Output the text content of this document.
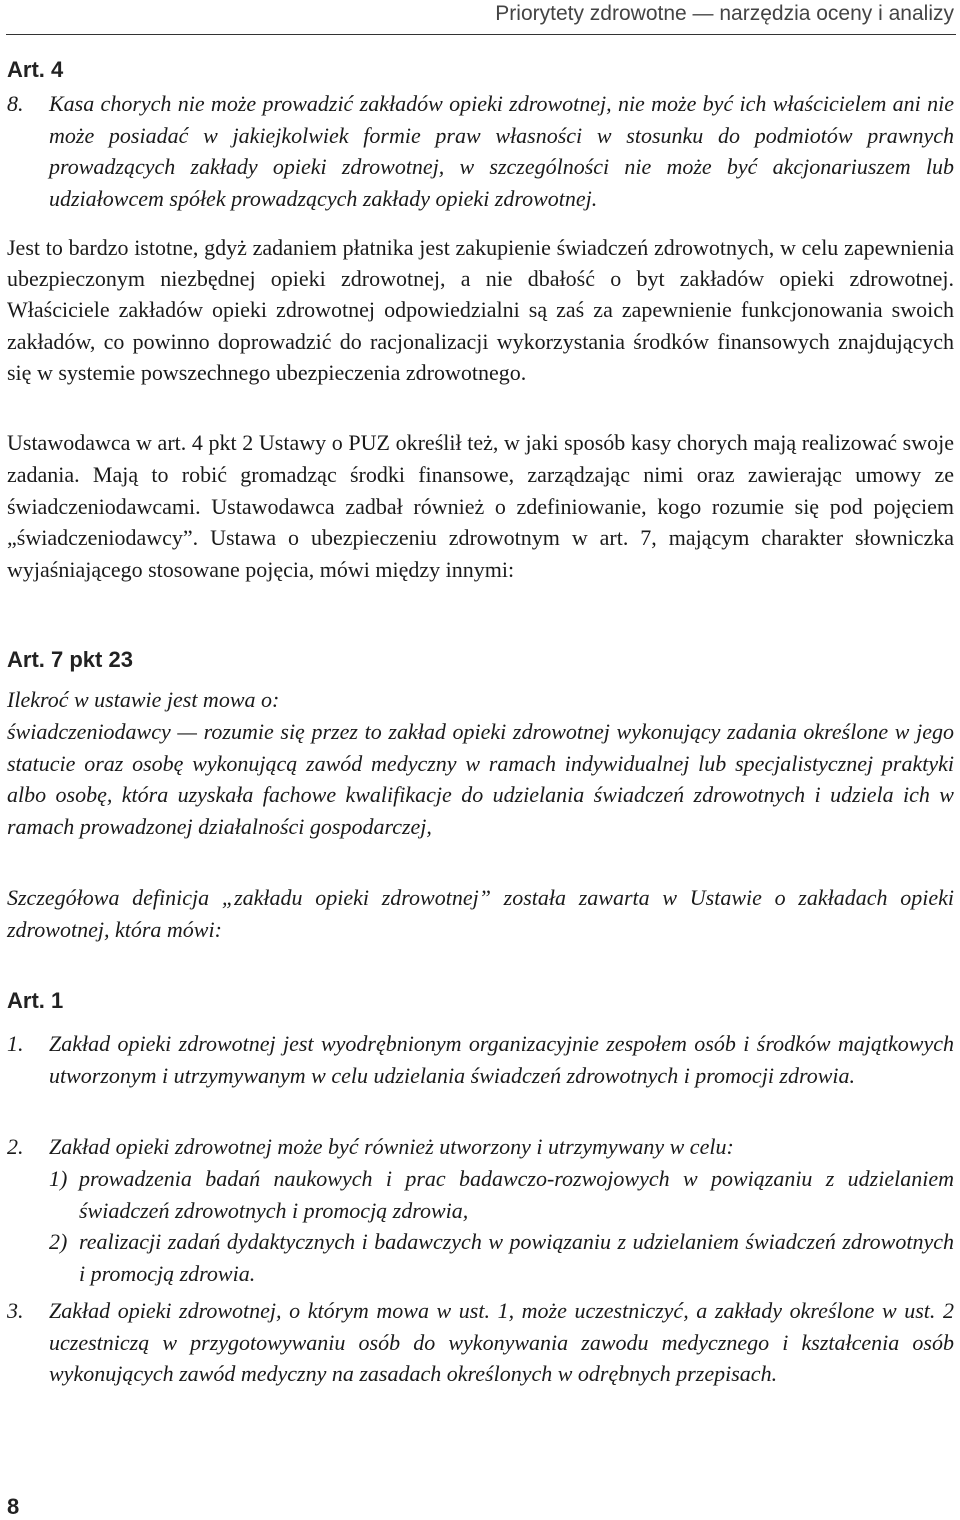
Priorytety zdrowotne — narzędzia oceny i analizy
Art. 4
8. Kasa chorych nie może prowadzić zakładów opieki zdrowotnej, nie może być ich właścicielem ani nie może posiadać w jakiejkolwiek formie praw własności w stosunku do podmiotów prawnych prowadzących zakłady opieki zdrowotnej, w szczególności nie może być akcjonariuszem lub udziałowcem spółek prowadzących zakłady opieki zdrowotnej.

Jest to bardzo istotne, gdyż zadaniem płatnika jest zakupienie świadczeń zdrowotnych, w celu zapewnienia ubezpieczonym niezbędnej opieki zdrowotnej, a nie dbałość o byt zakładów opieki zdrowotnej. Właściciele zakładów opieki zdrowotnej odpowiedzialni są zaś za zapewnienie funkcjonowania swoich zakładów, co powinno doprowadzić do racjonalizacji wykorzystania środków finansowych znajdujących się w systemie powszechnego ubezpieczenia zdrowotnego.

Ustawodawca w art. 4 pkt 2 Ustawy o PUZ określił też, w jaki sposób kasy chorych mają realizować swoje zadania. Mają to robić gromadząc środki finansowe, zarządzając nimi oraz zawierając umowy ze świadczeniodawcami. Ustawodawca zadbał również o zdefiniowanie, kogo rozumie się pod pojęciem „świadczeniodawcy”. Ustawa o ubezpieczeniu zdrowotnym w art. 7, mającym charakter słowniczka wyjaśniającego stosowane pojęcia, mówi między innymi:

Art. 7 pkt 23

Ilekroć w ustawie jest mowa o:

świadczeniodawcy — rozumie się przez to zakład opieki zdrowotnej wykonujący zadania określone w jego statucie oraz osobę wykonującą zawód medyczny w ramach indywidualnej lub specjalistycznej praktyki albo osobę, która uzyskała fachowe kwalifikacje do udzielania świadczeń zdrowotnych i udziela ich w ramach prowadzonej działalności gospodarczej,

Szczegółowa definicja „zakładu opieki zdrowotnej” została zawarta w Ustawie o zakładach opieki zdrowotnej, która mówi:

Art. 1
1. Zakład opieki zdrowotnej jest wyodrębnionym organizacyjnie zespołem osób i środków majątkowych utworzonym i utrzymywanym w celu udzielania świadczeń zdrowotnych i promocji zdrowia.
2. Zakład opieki zdrowotnej może być również utworzony i utrzymywany w celu:
1) prowadzenia badań naukowych i prac badawczo-rozwojowych w powiązaniu z udzielaniem świadczeń zdrowotnych i promocją zdrowia,
2) realizacji zadań dydaktycznych i badawczych w powiązaniu z udzielaniem świadczeń zdrowotnych i promocją zdrowia.
3. Zakład opieki zdrowotnej, o którym mowa w ust. 1, może uczestniczyć, a zakłady określone w ust. 2 uczestniczą w przygotowywaniu osób do wykonywania zawodu medycznego i kształcenia osób wykonujących zawód medyczny na zasadach określonych w odrębnych przepisach.
8
